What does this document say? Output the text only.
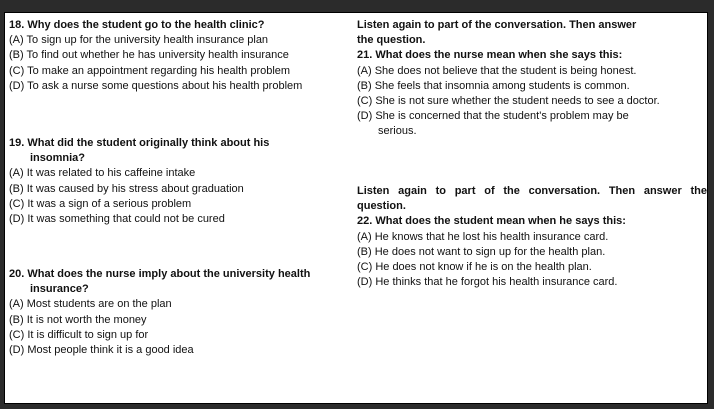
18. Why does the student go to the health clinic?
(A) To sign up for the university health insurance plan
(B) To find out whether he has university health insurance
(C) To make an appointment regarding his health problem
(D) To ask a nurse some questions about his health problem
19. What did the student originally think about his
insomnia?
(A) It was related to his caffeine intake
(B) It was caused by his stress about graduation
(C) It was a sign of a serious problem
(D) It was something that could not be cured
20. What does the nurse imply about the university health
insurance?
(A) Most students are on the plan
(B) It is not worth the money
(C) It is difficult to sign up for
(D) Most people think it is a good idea
Listen again to part of the conversation. Then answer
the question.
21. What does the nurse mean when she says this:
(A) She does not believe that the student is being honest.
(B) She feels that insomnia among students is common.
(C) She is not sure whether the student needs to see a doctor.
(D) She is concerned that the student's problem may be
serious.
Listen again to part of the conversation. Then answer the
question.
22. What does the student mean when he says this:
(A) He knows that he lost his health insurance card.
(B) He does not want to sign up for the health plan.
(C) He does not know if he is on the health plan.
(D) He thinks that he forgot his health insurance card.
